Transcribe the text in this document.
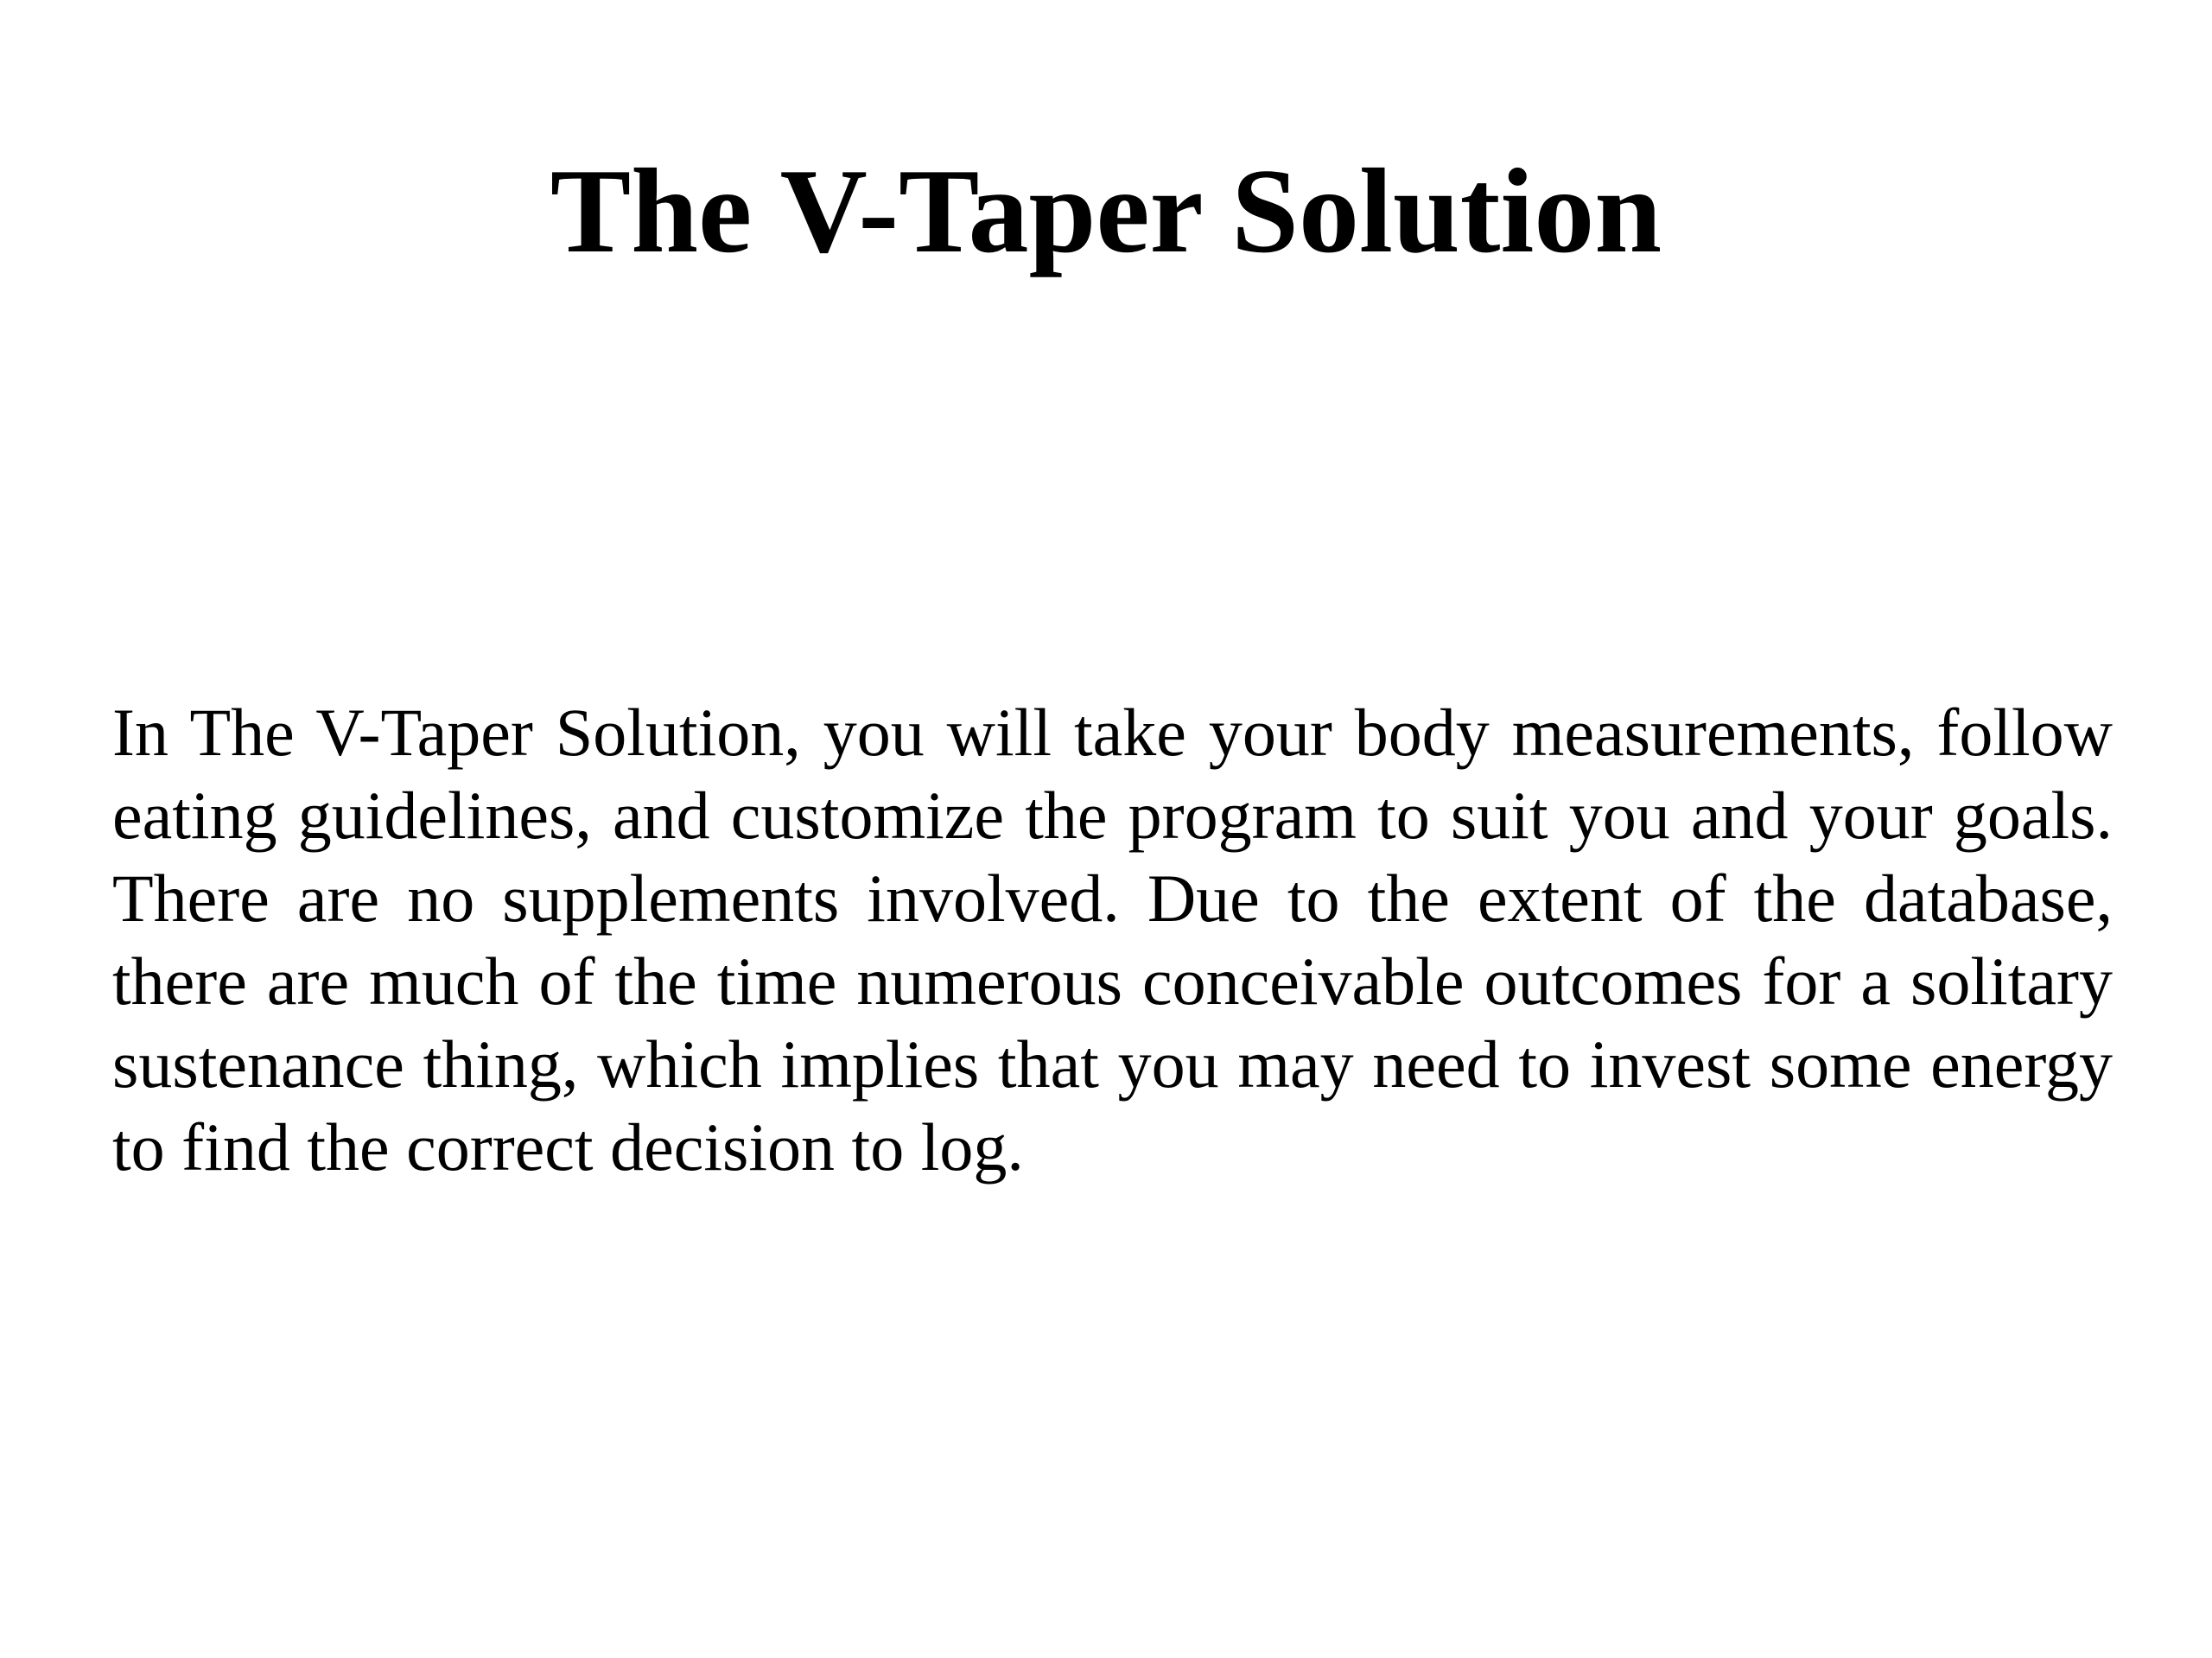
The V-Taper Solution

In The V-Taper Solution, you will take your body measurements, follow eating guidelines, and customize the program to suit you and your goals. There are no supplements involved. Due to the extent of the database, there are much of the time numerous conceivable outcomes for a solitary sustenance thing, which implies that you may need to invest some energy to find the correct decision to log.
